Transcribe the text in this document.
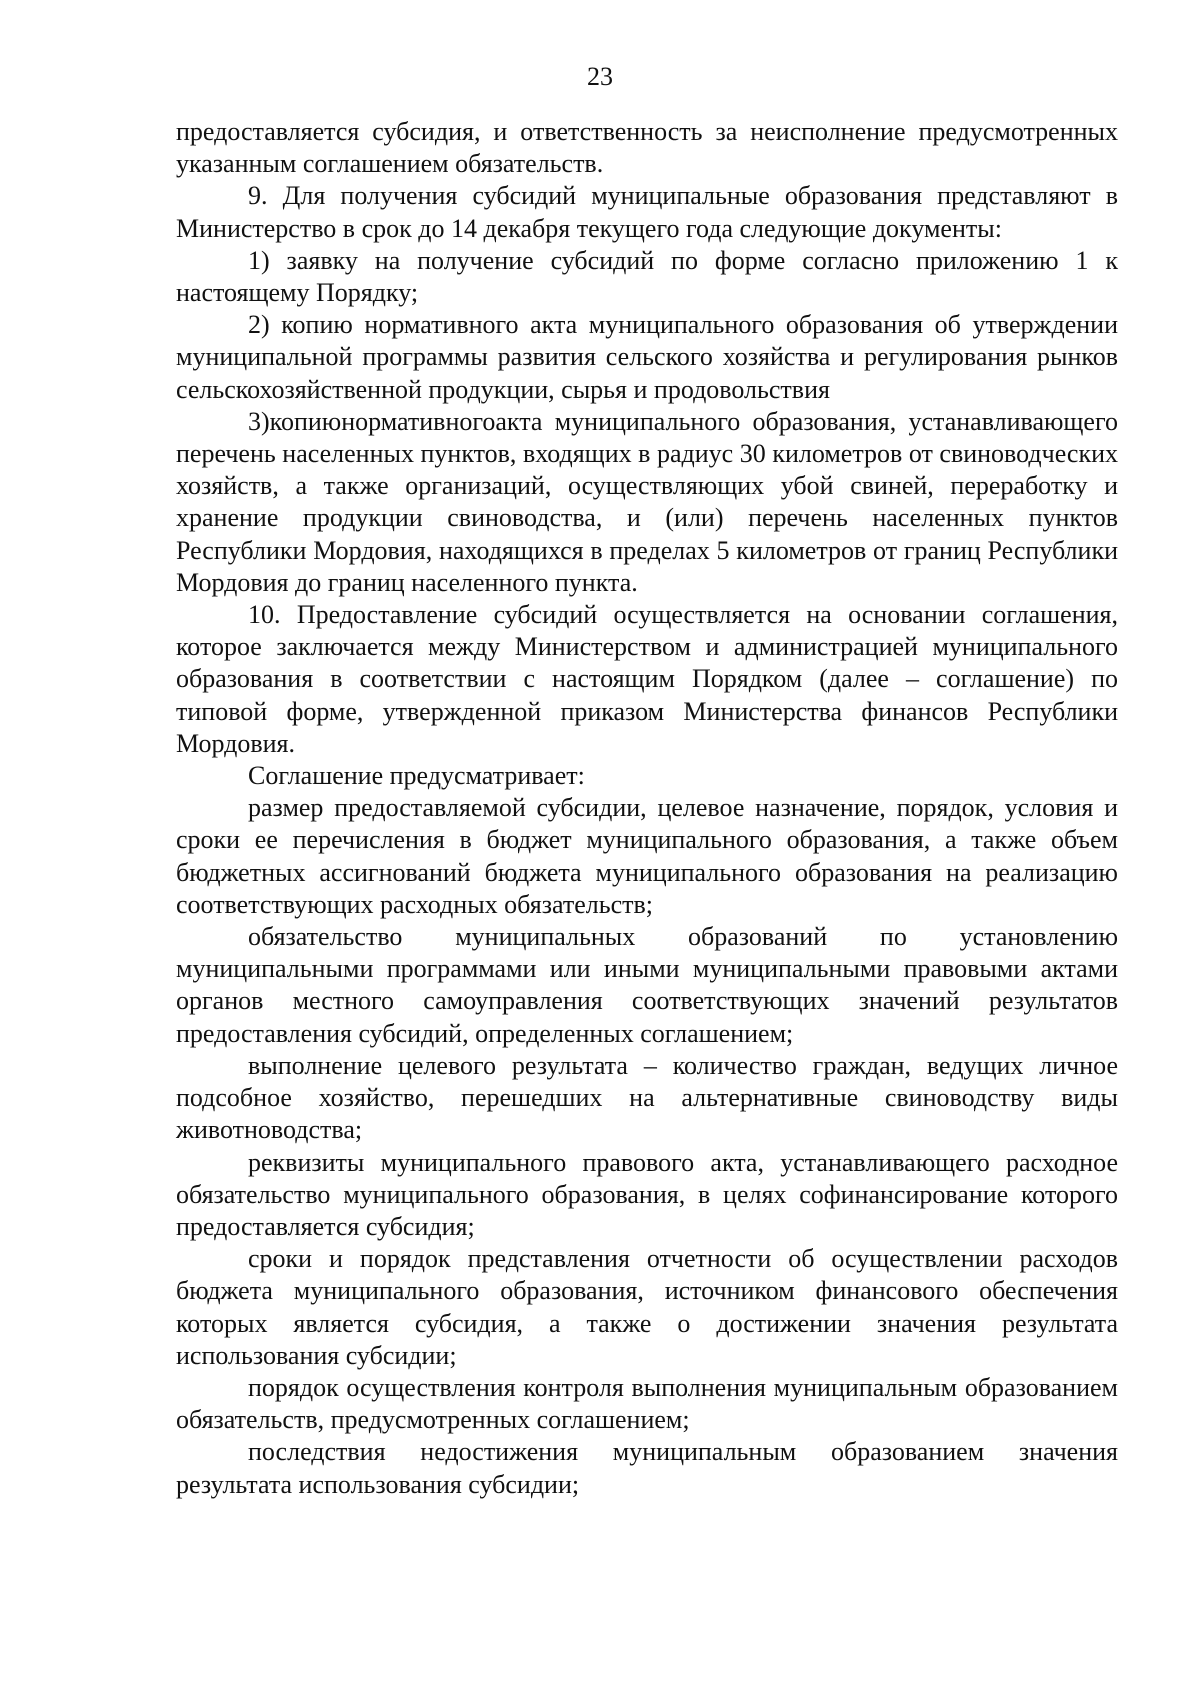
23

предоставляется субсидия, и ответственность за неисполнение предусмотренных указанным соглашением обязательств.

9. Для получения субсидий муниципальные образования представляют в Министерство в срок до 14 декабря текущего года следующие документы:

1) заявку на получение субсидий по форме согласно приложению 1 к настоящему Порядку;

2) копию нормативного акта муниципального образования об утверждении муниципальной программы развития сельского хозяйства и регулирования рынков сельскохозяйственной продукции, сырья и продовольствия

3)копиюнормативногоакта муниципального образования, устанавливающего перечень населенных пунктов, входящих в радиус 30 километров от свиноводческих хозяйств, а также организаций, осуществляющих убой свиней, переработку и хранение продукции свиноводства, и (или) перечень населенных пунктов Республики Мордовия, находящихся в пределах 5 километров от границ Республики Мордовия до границ населенного пункта.

10. Предоставление субсидий осуществляется на основании соглашения, которое заключается между Министерством и администрацией муниципального образования в соответствии с настоящим Порядком (далее – соглашение) по типовой форме, утвержденной приказом Министерства финансов Республики Мордовия.

Соглашение предусматривает:

размер предоставляемой субсидии, целевое назначение, порядок, условия и сроки ее перечисления в бюджет муниципального образования, а также объем бюджетных ассигнований бюджета муниципального образования на реализацию соответствующих расходных обязательств;

обязательство муниципальных образований по установлению муниципальными программами или иными муниципальными правовыми актами органов местного самоуправления соответствующих значений результатов предоставления субсидий, определенных соглашением;

выполнение целевого результата – количество граждан, ведущих личное подсобное хозяйство, перешедших на альтернативные свиноводству виды животноводства;

реквизиты муниципального правового акта, устанавливающего расходное обязательство муниципального образования, в целях софинансирование которого предоставляется субсидия;

сроки и порядок представления отчетности об осуществлении расходов бюджета муниципального образования, источником финансового обеспечения которых является субсидия, а также о достижении значения результата использования субсидии;

порядок осуществления контроля выполнения муниципальным образованием обязательств, предусмотренных соглашением;

последствия недостижения муниципальным образованием значения результата использования субсидии;
